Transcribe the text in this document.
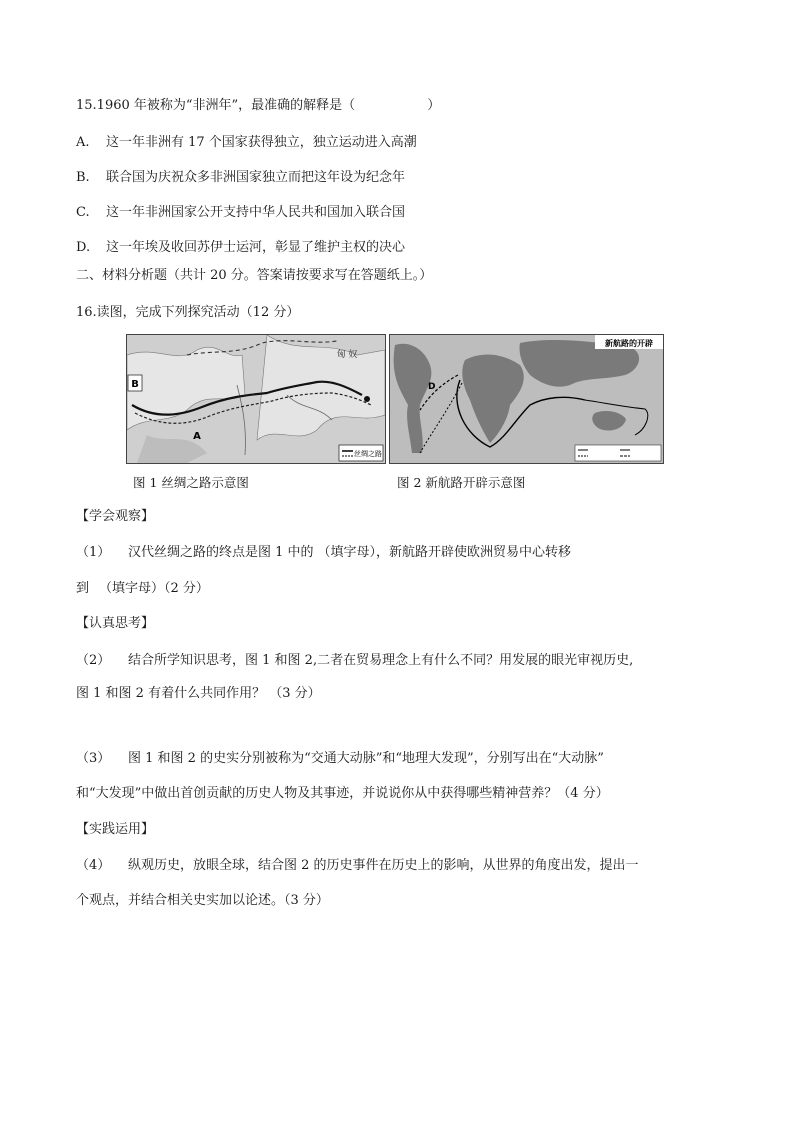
15.1960 年被称为“非洲年”，最准确的解释是（	）
A. 这一年非洲有 17 个国家获得独立，独立运动进入高潮
B. 联合国为庆祝众多非洲国家独立而把这年设为纪念年
C. 这一年非洲国家公开支持中华人民共和国加入联合国
D. 这一年埃及收回苏伊士运河，彰显了维护主权的决心
二、材料分析题（共计 20 分。答案请按要求写在答题纸上。）
16.读图，完成下列探究活动（12 分）
B
A
匈 奴
丝绸之路
新航路的开辟
D
图 1 丝绸之路示意图	图 2 新航路开辟示意图
【学会观察】
（1） 汉代丝绸之路的终点是图 1 中的 （填字母），新航路开辟使欧洲贸易中心转移
到 （填字母）（2 分）
【认真思考】
（2） 结合所学知识思考，图 1 和图 2,二者在贸易理念上有什么不同？用发展的眼光审视历史,
图 1 和图 2 有着什么共同作用？ （3 分）
（3） 图 1 和图 2 的史实分别被称为“交通大动脉”和“地理大发现”，分别写出在“大动脉”
和“大发现”中做出首创贡献的历史人物及其事迹，并说说你从中获得哪些精神营养？（4 分）
【实践运用】
（4） 纵观历史，放眼全球，结合图 2 的历史事件在历史上的影响，从世界的角度出发，提出一
个观点，并结合相关史实加以论述。（3 分）
